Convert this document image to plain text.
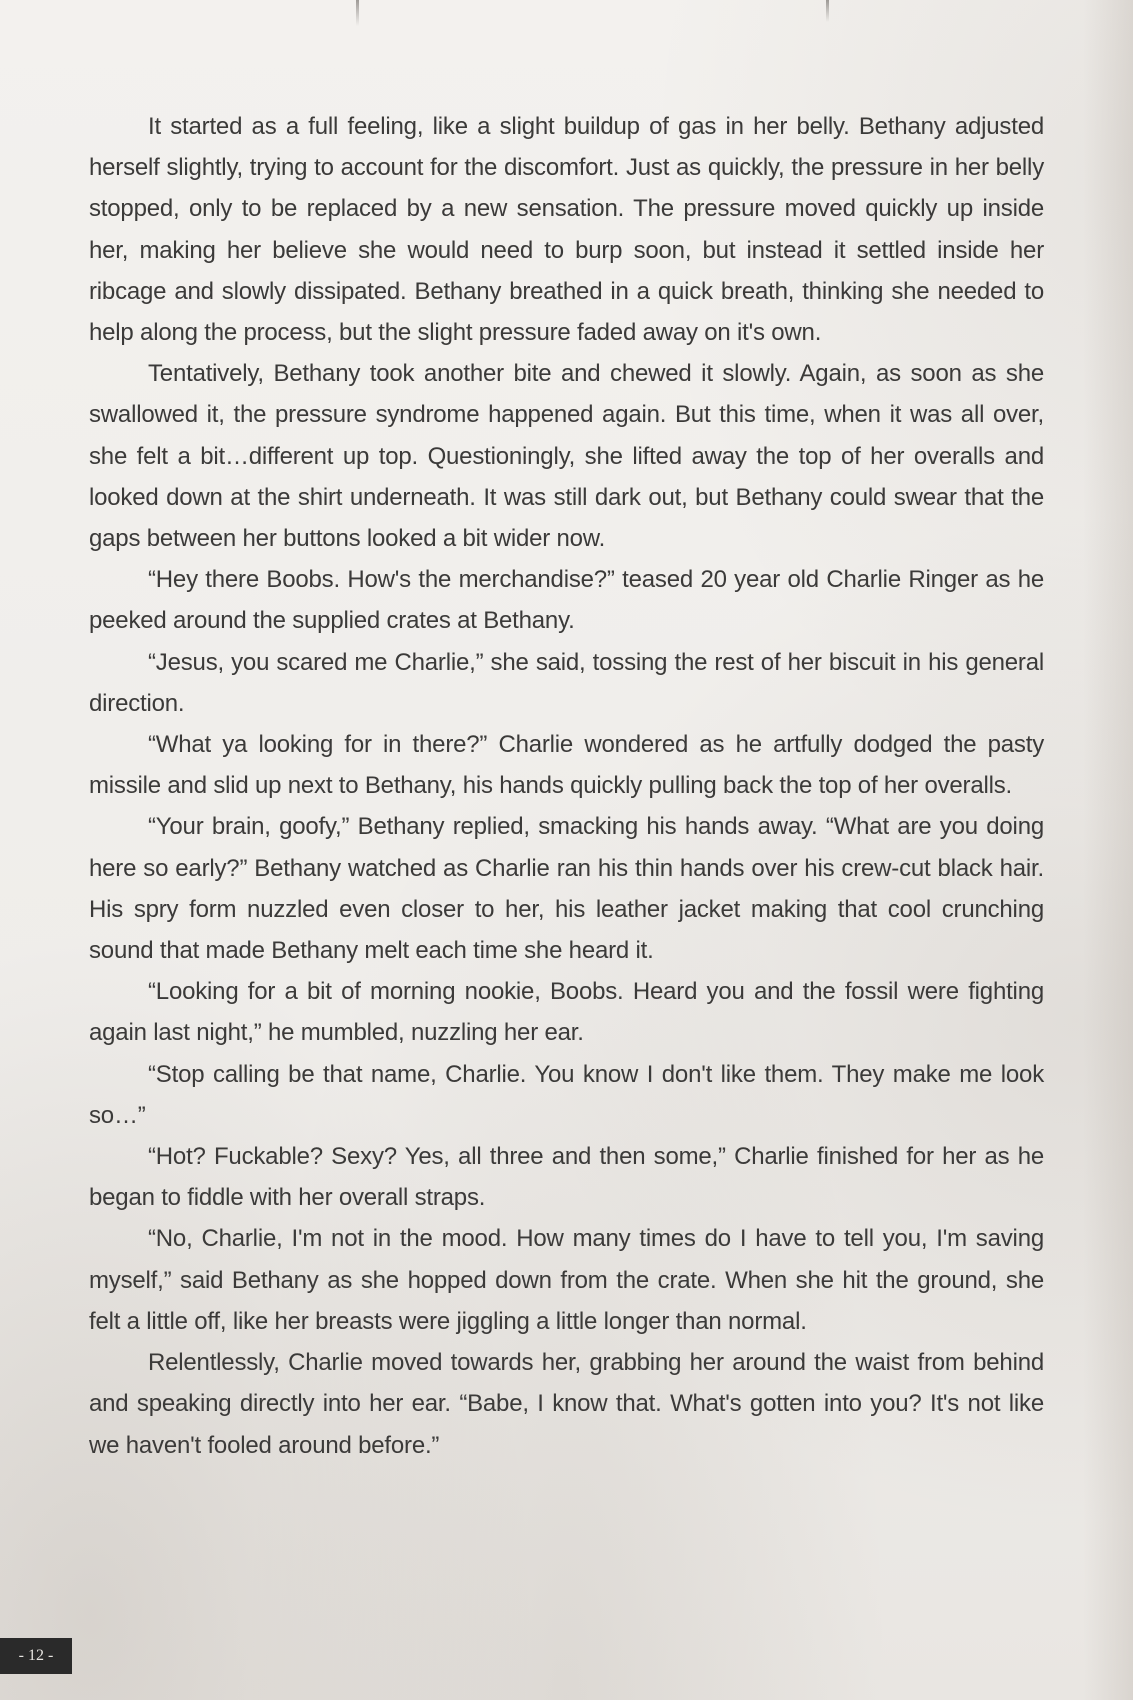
It started as a full feeling, like a slight buildup of gas in her belly. Bethany adjusted herself slightly, trying to account for the discomfort. Just as quickly, the pressure in her belly stopped, only to be replaced by a new sensation. The pressure moved quickly up inside her, making her believe she would need to burp soon, but instead it settled inside her ribcage and slowly dissipated. Bethany breathed in a quick breath, thinking she needed to help along the process, but the slight pressure faded away on it's own.

Tentatively, Bethany took another bite and chewed it slowly. Again, as soon as she swallowed it, the pressure syndrome happened again. But this time, when it was all over, she felt a bit…different up top. Questioningly, she lifted away the top of her overalls and looked down at the shirt underneath. It was still dark out, but Bethany could swear that the gaps between her buttons looked a bit wider now.

“Hey there Boobs. How's the merchandise?” teased 20 year old Charlie Ringer as he peeked around the supplied crates at Bethany.

“Jesus, you scared me Charlie,” she said, tossing the rest of her biscuit in his general direction.

“What ya looking for in there?” Charlie wondered as he artfully dodged the pasty missile and slid up next to Bethany, his hands quickly pulling back the top of her overalls.

“Your brain, goofy,” Bethany replied, smacking his hands away. “What are you doing here so early?” Bethany watched as Charlie ran his thin hands over his crew-cut black hair. His spry form nuzzled even closer to her, his leather jacket making that cool crunching sound that made Bethany melt each time she heard it.

“Looking for a bit of morning nookie, Boobs. Heard you and the fossil were fighting again last night,” he mumbled, nuzzling her ear.

“Stop calling be that name, Charlie. You know I don't like them. They make me look so…”

“Hot? Fuckable? Sexy? Yes, all three and then some,” Charlie finished for her as he began to fiddle with her overall straps.

“No, Charlie, I'm not in the mood. How many times do I have to tell you, I'm saving myself,” said Bethany as she hopped down from the crate. When she hit the ground, she felt a little off, like her breasts were jiggling a little longer than normal.

Relentlessly, Charlie moved towards her, grabbing her around the waist from behind and speaking directly into her ear. “Babe, I know that. What's gotten into you? It's not like we haven't fooled around before.”

- 12 -
